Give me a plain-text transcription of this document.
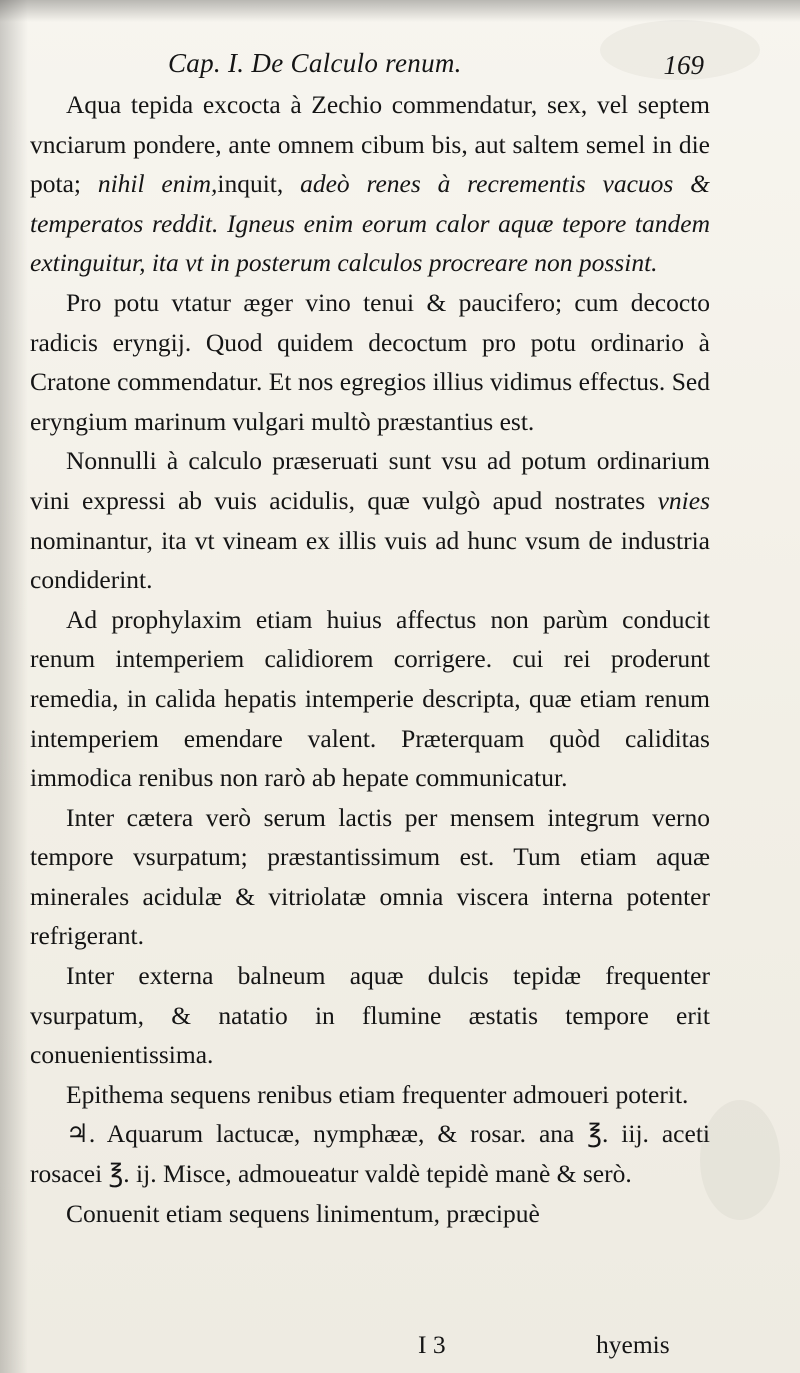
Cap. I. De Calculo renum.	169

Aqua tepida excocta à Zechio commendatur, sex, vel septem vnciarum pondere, ante omnem cibum bis, aut saltem semel in die pota; nihil enim,inquit, adeò renes à recrementis vacuos & temperatos reddit. Igneus enim eorum calor aquæ tepore tandem extinguitur, ita vt in posterum calculos procreare non possint.

Pro potu vtatur æger vino tenui & paucifero; cum decocto radicis eryngij. Quod quidem decoctum pro potu ordinario à Cratone commendatur. Et nos egregios illius vidimus effectus. Sed eryngium marinum vulgari multò præstantius est.

Nonnulli à calculo præseruati sunt vsu ad potum ordinarium vini expressi ab vuis acidulis, quæ vulgò apud nostrates vnies nominantur, ita vt vineam ex illis vuis ad hunc vsum de industria condiderint.

Ad prophylaxim etiam huius affectus non parùm conducit renum intemperiem calidiorem corrigere. cui rei proderunt remedia, in calida hepatis intemperie descripta, quæ etiam renum intemperiem emendare valent. Præterquam quòd caliditas immodica renibus non rarò ab hepate communicatur.

Inter cætera verò serum lactis per mensem integrum verno tempore vsurpatum; præstantissimum est. Tum etiam aquæ minerales acidulæ & vitriolatæ omnia viscera interna potenter refrigerant.

Inter externa balneum aquæ dulcis tepidæ frequenter vsurpatum, & natatio in flumine æstatis tempore erit conuenientissima.

Epithema sequens renibus etiam frequenter admoueri poterit.

♃. Aquarum lactucæ, nymphææ, & rosar. ana ℥. iij. aceti rosacei ℥. ij. Misce, admoueatur valdè tepidè manè & serò.

Conuenit etiam sequens linimentum, præcipuè

I 3	hyemis
